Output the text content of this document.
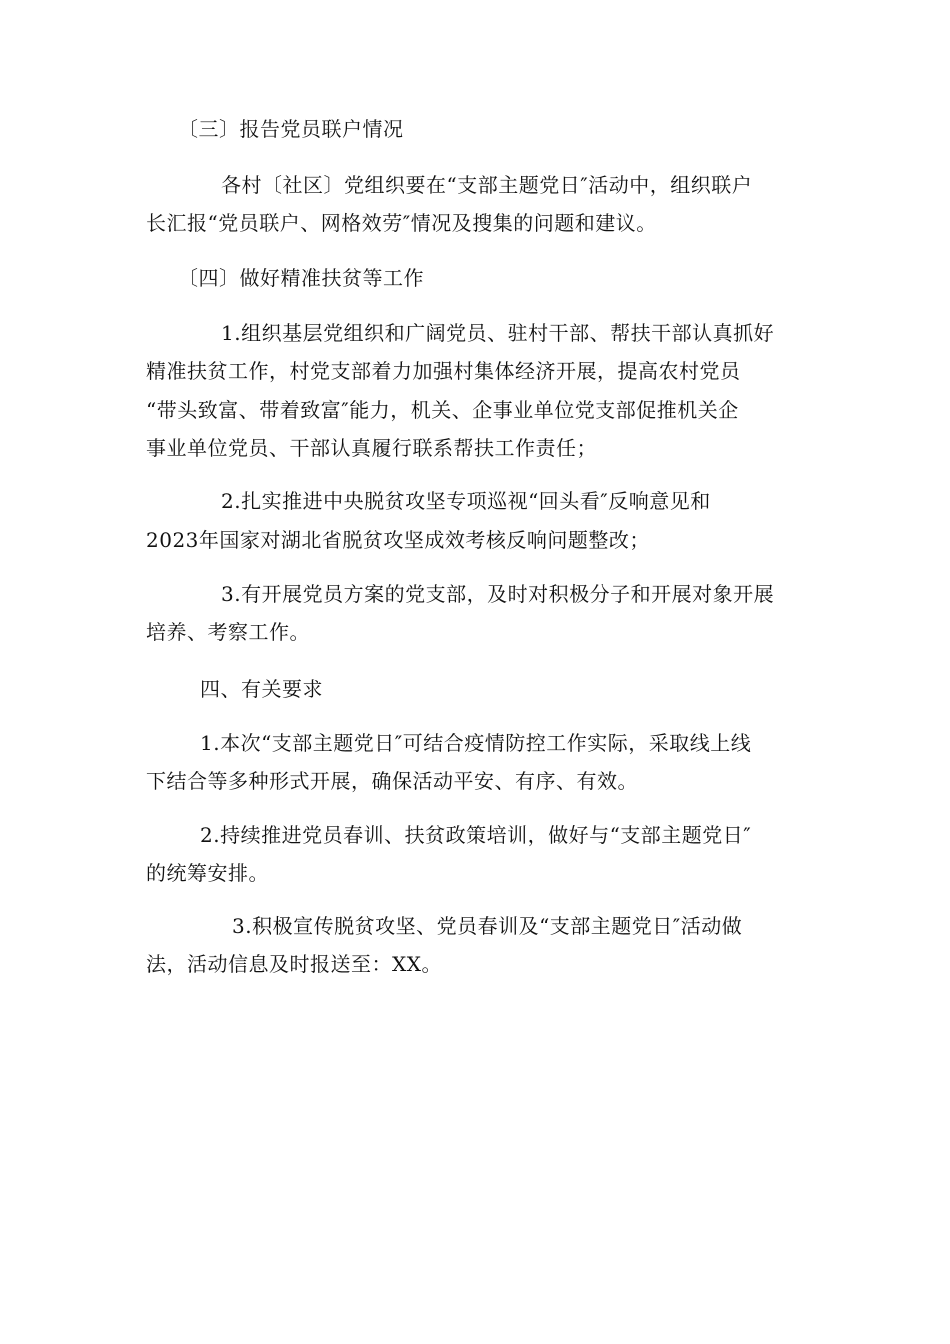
〔三〕报告党员联户情况
各村〔社区〕党组织要在“支部主题党日″活动中，组织联户
长汇报“党员联户、网格效劳″情况及搜集的问题和建议。
〔四〕做好精准扶贫等工作
1.组织基层党组织和广阔党员、驻村干部、帮扶干部认真抓好
精准扶贫工作，村党支部着力加强村集体经济开展，提高农村党员
“带头致富、带着致富″能力，机关、企事业单位党支部促推机关企
事业单位党员、干部认真履行联系帮扶工作责任；
2.扎实推进中央脱贫攻坚专项巡视“回头看″反响意见和
2023年国家对湖北省脱贫攻坚成效考核反响问题整改；
3.有开展党员方案的党支部，及时对积极分子和开展对象开展
培养、考察工作。
四、有关要求
1.本次“支部主题党日″可结合疫情防控工作实际，采取线上线
下结合等多种形式开展，确保活动平安、有序、有效。
2.持续推进党员春训、扶贫政策培训，做好与“支部主题党日″
的统筹安排。
3.积极宣传脱贫攻坚、党员春训及“支部主题党日″活动做
法，活动信息及时报送至：XX。
